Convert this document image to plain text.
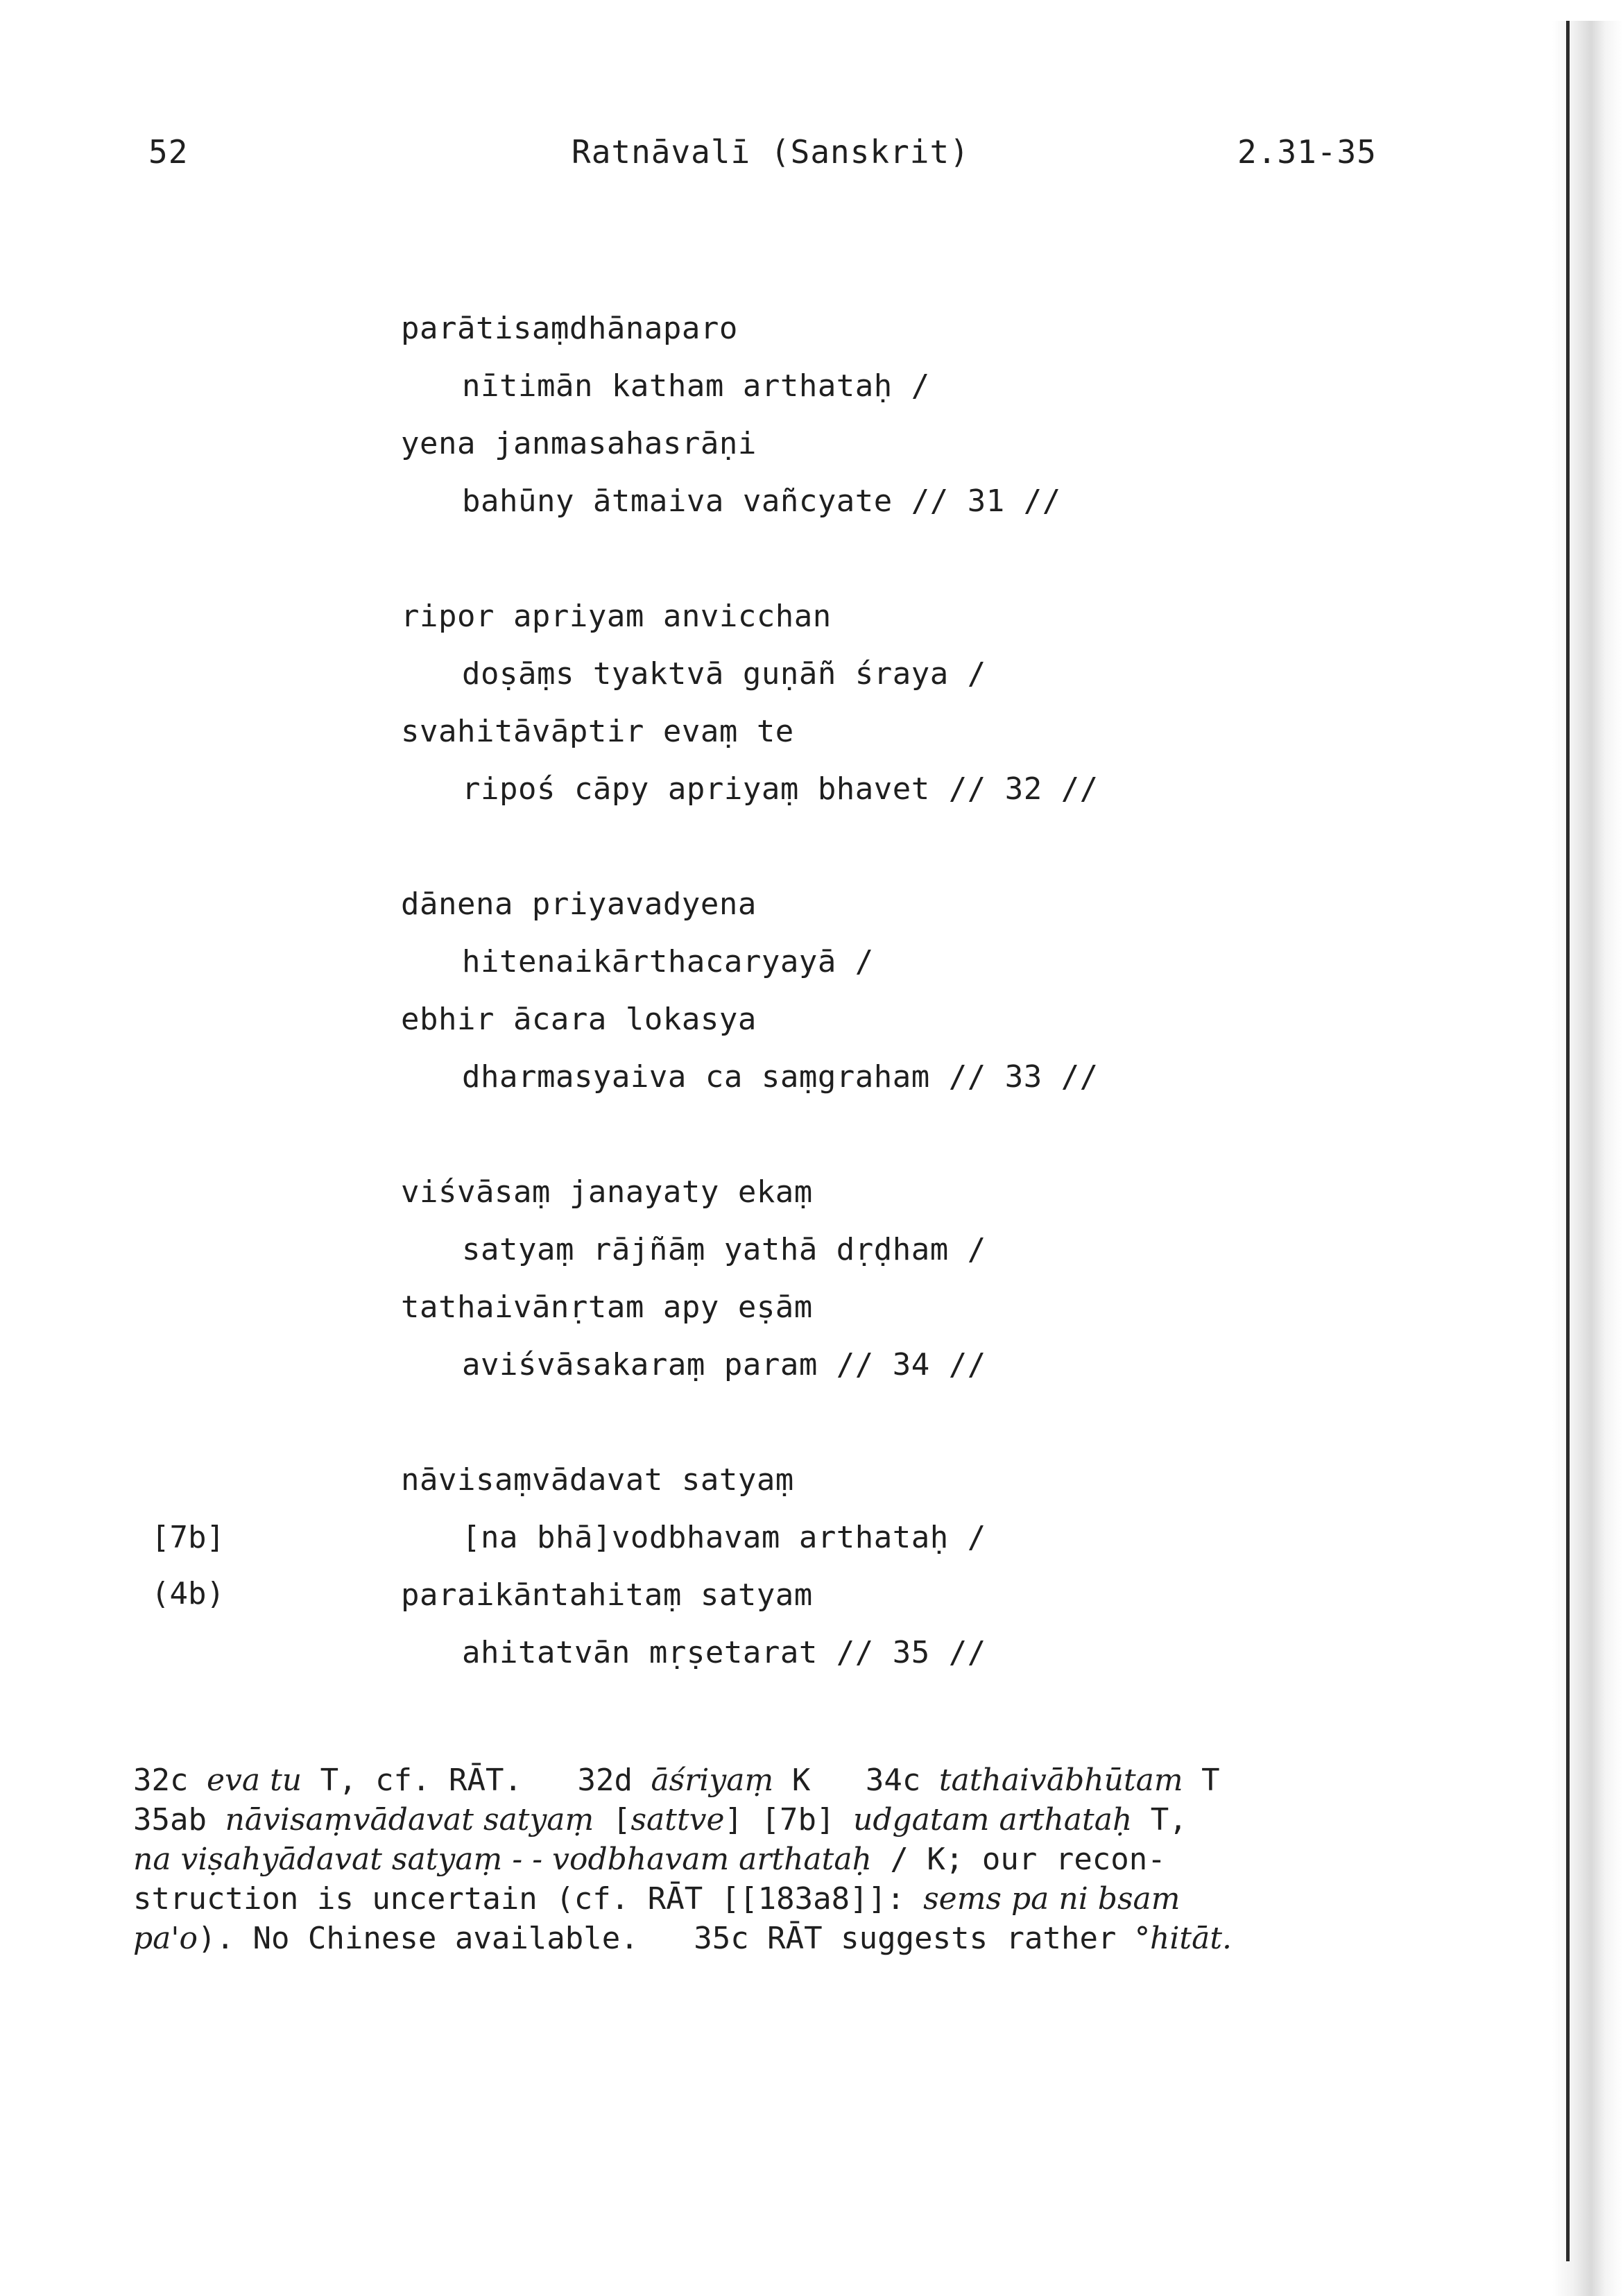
52	Ratnāvalī (Sanskrit)	2.31-35
parātisaṃdhānaparo
nītimān katham arthataḥ /
yena janmasahasrāṇi
bahūny ātmaiva vañcyate // 31 //
ripor apriyam anvicchan
doṣāṃs tyaktvā guṇāñ śraya /
svahitāvāptir evaṃ te
ripoś cāpy apriyaṃ bhavet // 32 //
dānena priyavadyena
hitenaikārthacaryayā /
ebhir ācara lokasya
dharmasyaiva ca saṃgraham // 33 //
viśvāsaṃ janayaty ekaṃ
satyaṃ rājñāṃ yathā dṛḍham /
tathaivānṛtam apy eṣām
aviśvāsakaraṃ param // 34 //
nāvisaṃvādavat satyaṃ
[na bhā]vodbhavam arthataḥ /
paraikāntahitaṃ satyam
ahitatvān mṛṣetarat // 35 //
[7b]
(4b)
32c eva tu T, cf. RĀT.   32d āśriyaṃ K   34c tathaivābhūtam T
35ab nāvisaṃvādavat satyaṃ [sattve] [7b] udgatam arthataḥ T,
na viṣahyādavat satyaṃ - - vodbhavam arthataḥ / K; our recon-
struction is uncertain (cf. RĀT [[183a8]]: sems pa ni bsam
pa'o). No Chinese available.   35c RĀT suggests rather °hitāt.
